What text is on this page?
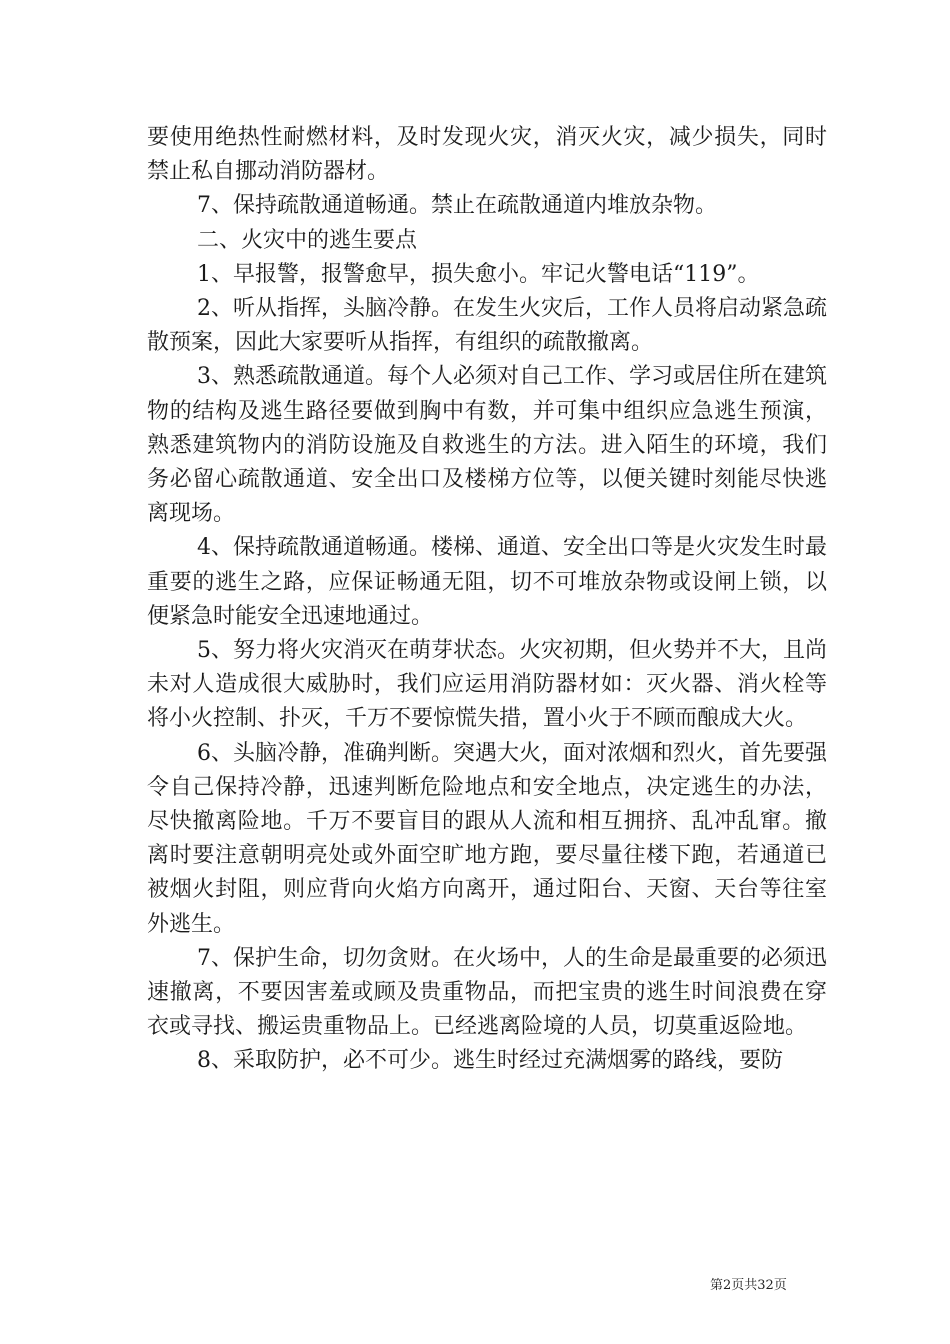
要使用绝热性耐燃材料，及时发现火灾，消灭火灾，减少损失，同时禁止私自挪动消防器材。

7、保持疏散通道畅通。禁止在疏散通道内堆放杂物。

二、火灾中的逃生要点

1、早报警，报警愈早，损失愈小。牢记火警电话“119”。

2、听从指挥，头脑冷静。在发生火灾后，工作人员将启动紧急疏散预案，因此大家要听从指挥，有组织的疏散撤离。

3、熟悉疏散通道。每个人必须对自己工作、学习或居住所在建筑物的结构及逃生路径要做到胸中有数，并可集中组织应急逃生预演，熟悉建筑物内的消防设施及自救逃生的方法。进入陌生的环境，我们务必留心疏散通道、安全出口及楼梯方位等，以便关键时刻能尽快逃离现场。

4、保持疏散通道畅通。楼梯、通道、安全出口等是火灾发生时最重要的逃生之路，应保证畅通无阻，切不可堆放杂物或设闸上锁，以便紧急时能安全迅速地通过。

5、努力将火灾消灭在萌芽状态。火灾初期，但火势并不大，且尚未对人造成很大威胁时，我们应运用消防器材如：灭火器、消火栓等将小火控制、扑灭，千万不要惊慌失措，置小火于不顾而酿成大火。

6、头脑冷静，准确判断。突遇大火，面对浓烟和烈火，首先要强令自己保持冷静，迅速判断危险地点和安全地点，决定逃生的办法，尽快撤离险地。千万不要盲目的跟从人流和相互拥挤、乱冲乱窜。撤离时要注意朝明亮处或外面空旷地方跑，要尽量往楼下跑，若通道已被烟火封阻，则应背向火焰方向离开，通过阳台、天窗、天台等往室外逃生。

7、保护生命，切勿贪财。在火场中，人的生命是最重要的必须迅速撤离，不要因害羞或顾及贵重物品，而把宝贵的逃生时间浪费在穿衣或寻找、搬运贵重物品上。已经逃离险境的人员，切莫重返险地。

8、采取防护，必不可少。逃生时经过充满烟雾的路线，要防

第2页共32页
